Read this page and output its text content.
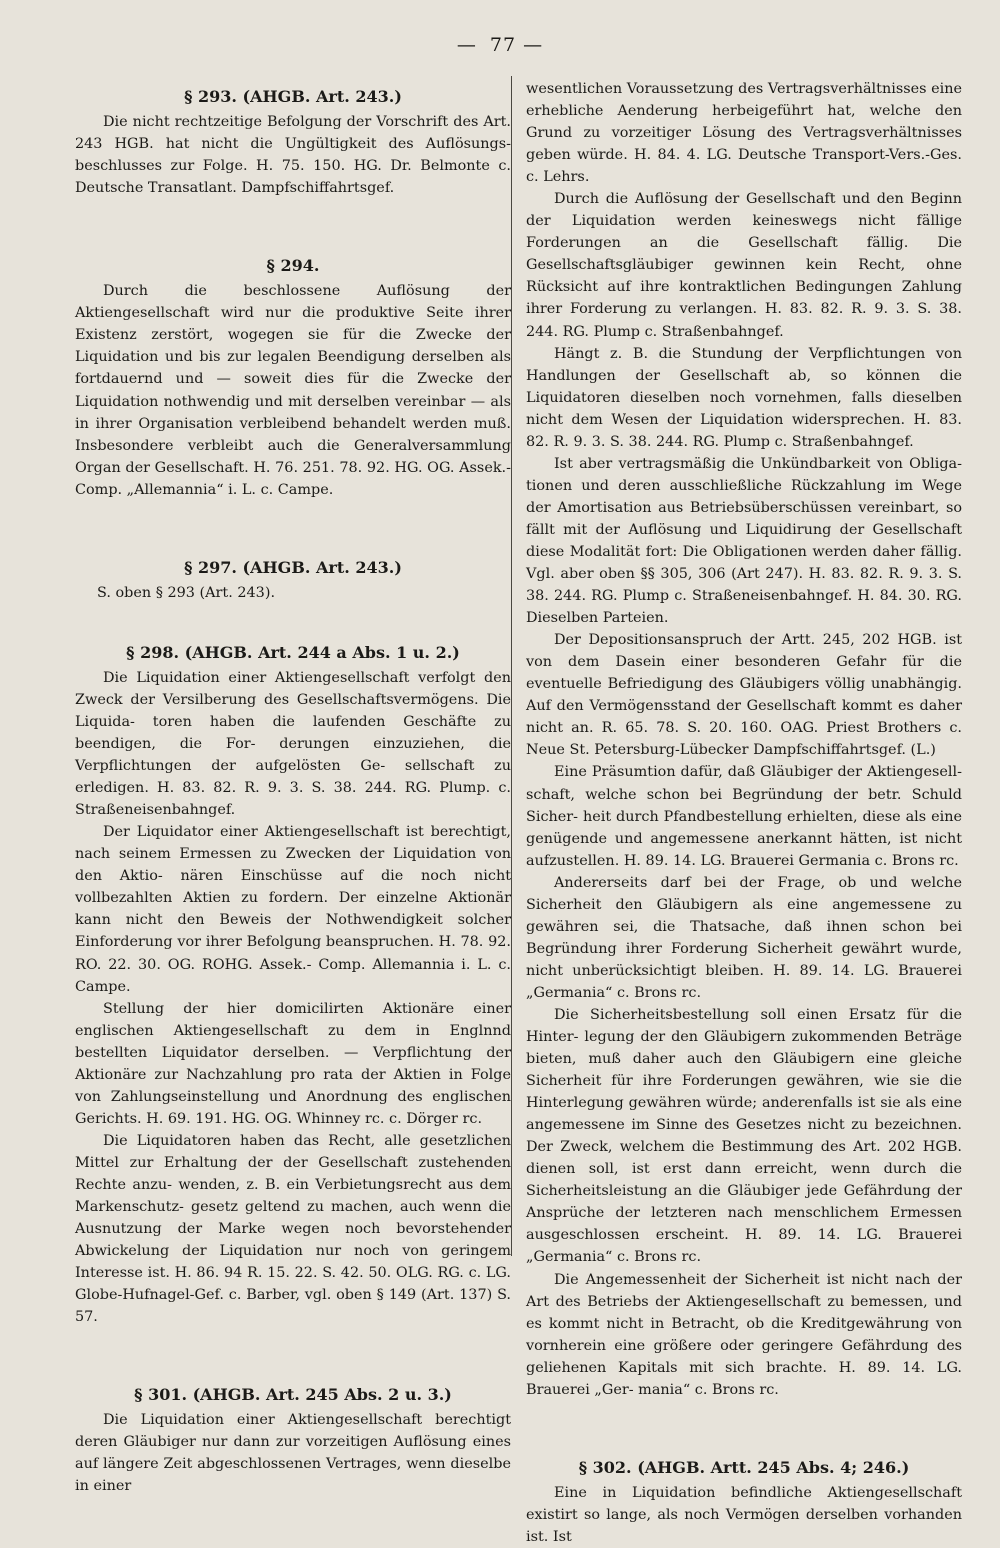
— 77 —
§ 293. (AHGB. Art. 243.)

Die nicht rechtzeitige Befolgung der Vorschrift des Art. 243 HGB. hat nicht die Ungültigkeit des Auflösungs- beschlusses zur Folge. H. 75. 150. HG. Dr. Belmonte c. Deutsche Transatlant. Dampfschiffahrtsgef.

§ 294.

Durch die beschlossene Auflösung der Aktiengesellschaft wird nur die produktive Seite ihrer Existenz zerstört, wogegen sie für die Zwecke der Liquidation und bis zur legalen Beendigung derselben als fortdauernd und — soweit dies für die Zwecke der Liquidation nothwendig und mit derselben vereinbar — als in ihrer Organisation verbleibend behandelt werden muß. Insbesondere verbleibt auch die Generalversammlung Organ der Gesellschaft. H. 76. 251. 78. 92. HG. OG. Assek.- Comp. „Allemannia“ i. L. c. Campe.

§ 297. (AHGB. Art. 243.)

S. oben § 293 (Art. 243).

§ 298. (AHGB. Art. 244 a Abs. 1 u. 2.)

Die Liquidation einer Aktiengesellschaft verfolgt den Zweck der Versilberung des Gesellschaftsvermögens. Die Liquida- toren haben die laufenden Geschäfte zu beendigen, die For- derungen einzuziehen, die Verpflichtungen der aufgelösten Ge- sellschaft zu erledigen. H. 83. 82. R. 9. 3. S. 38. 244. RG. Plump. c. Straßeneisenbahngef.

Der Liquidator einer Aktiengesellschaft ist berechtigt, nach seinem Ermessen zu Zwecken der Liquidation von den Aktio- nären Einschüsse auf die noch nicht vollbezahlten Aktien zu fordern. Der einzelne Aktionär kann nicht den Beweis der Nothwendigkeit solcher Einforderung vor ihrer Befolgung beanspruchen. H. 78. 92. RO. 22. 30. OG. ROHG. Assek.- Comp. Allemannia i. L. c. Campe.

Stellung der hier domicilirten Aktionäre einer englischen Aktiengesellschaft zu dem in Englnnd bestellten Liquidator derselben. — Verpflichtung der Aktionäre zur Nachzahlung pro rata der Aktien in Folge von Zahlungseinstellung und Anordnung des englischen Gerichts. H. 69. 191. HG. OG. Whinney rc. c. Dörger rc.

Die Liquidatoren haben das Recht, alle gesetzlichen Mittel zur Erhaltung der der Gesellschaft zustehenden Rechte anzu- wenden, z. B. ein Verbietungsrecht aus dem Markenschutz- gesetz geltend zu machen, auch wenn die Ausnutzung der Marke wegen noch bevorstehender Abwickelung der Liquidation nur noch von geringem Interesse ist. H. 86. 94 R. 15. 22. S. 42. 50. OLG. RG. c. LG. Globe-Hufnagel-Gef. c. Barber, vgl. oben § 149 (Art. 137) S. 57.

§ 301. (AHGB. Art. 245 Abs. 2 u. 3.)

Die Liquidation einer Aktiengesellschaft berechtigt deren Gläubiger nur dann zur vorzeitigen Auflösung eines auf längere Zeit abgeschlossenen Vertrages, wenn dieselbe in einer

wesentlichen Voraussetzung des Vertragsverhältnisses eine erhebliche Aenderung herbeigeführt hat, welche den Grund zu vorzeitiger Lösung des Vertragsverhältnisses geben würde. H. 84. 4. LG. Deutsche Transport-Vers.-Ges. c. Lehrs.

Durch die Auflösung der Gesellschaft und den Beginn der Liquidation werden keineswegs nicht fällige Forderungen an die Gesellschaft fällig. Die Gesellschaftsgläubiger gewinnen kein Recht, ohne Rücksicht auf ihre kontraktlichen Bedingungen Zahlung ihrer Forderung zu verlangen. H. 83. 82. R. 9. 3. S. 38. 244. RG. Plump c. Straßenbahngef.

Hängt z. B. die Stundung der Verpflichtungen von Handlungen der Gesellschaft ab, so können die Liquidatoren dieselben noch vornehmen, falls dieselben nicht dem Wesen der Liquidation widersprechen. H. 83. 82. R. 9. 3. S. 38. 244. RG. Plump c. Straßenbahngef.

Ist aber vertragsmäßig die Unkündbarkeit von Obliga- tionen und deren ausschließliche Rückzahlung im Wege der Amortisation aus Betriebsüberschüssen vereinbart, so fällt mit der Auflösung und Liquidirung der Gesellschaft diese Modalität fort: Die Obligationen werden daher fällig. Vgl. aber oben §§ 305, 306 (Art 247). H. 83. 82. R. 9. 3. S. 38. 244. RG. Plump c. Straßeneisenbahngef. H. 84. 30. RG. Dieselben Parteien.

Der Depositionsanspruch der Artt. 245, 202 HGB. ist von dem Dasein einer besonderen Gefahr für die eventuelle Befriedigung des Gläubigers völlig unabhängig. Auf den Vermögensstand der Gesellschaft kommt es daher nicht an. R. 65. 78. S. 20. 160. OAG. Priest Brothers c. Neue St. Petersburg-Lübecker Dampfschiffahrtsgef. (L.)

Eine Präsumtion dafür, daß Gläubiger der Aktiengesell- schaft, welche schon bei Begründung der betr. Schuld Sicher- heit durch Pfandbestellung erhielten, diese als eine genügende und angemessene anerkannt hätten, ist nicht aufzustellen. H. 89. 14. LG. Brauerei Germania c. Brons rc.

Andererseits darf bei der Frage, ob und welche Sicherheit den Gläubigern als eine angemessene zu gewähren sei, die Thatsache, daß ihnen schon bei Begründung ihrer Forderung Sicherheit gewährt wurde, nicht unberücksichtigt bleiben. H. 89. 14. LG. Brauerei „Germania“ c. Brons rc.

Die Sicherheitsbestellung soll einen Ersatz für die Hinter- legung der den Gläubigern zukommenden Beträge bieten, muß daher auch den Gläubigern eine gleiche Sicherheit für ihre Forderungen gewähren, wie sie die Hinterlegung gewähren würde; anderenfalls ist sie als eine angemessene im Sinne des Gesetzes nicht zu bezeichnen. Der Zweck, welchem die Bestimmung des Art. 202 HGB. dienen soll, ist erst dann erreicht, wenn durch die Sicherheitsleistung an die Gläubiger jede Gefährdung der Ansprüche der letzteren nach menschlichem Ermessen ausgeschlossen erscheint. H. 89. 14. LG. Brauerei „Germania“ c. Brons rc.

Die Angemessenheit der Sicherheit ist nicht nach der Art des Betriebs der Aktiengesellschaft zu bemessen, und es kommt nicht in Betracht, ob die Kreditgewährung von vornherein eine größere oder geringere Gefährdung des geliehenen Kapitals mit sich brachte. H. 89. 14. LG. Brauerei „Ger- mania“ c. Brons rc.

§ 302. (AHGB. Artt. 245 Abs. 4; 246.)

Eine in Liquidation befindliche Aktiengesellschaft existirt so lange, als noch Vermögen derselben vorhanden ist. Ist
